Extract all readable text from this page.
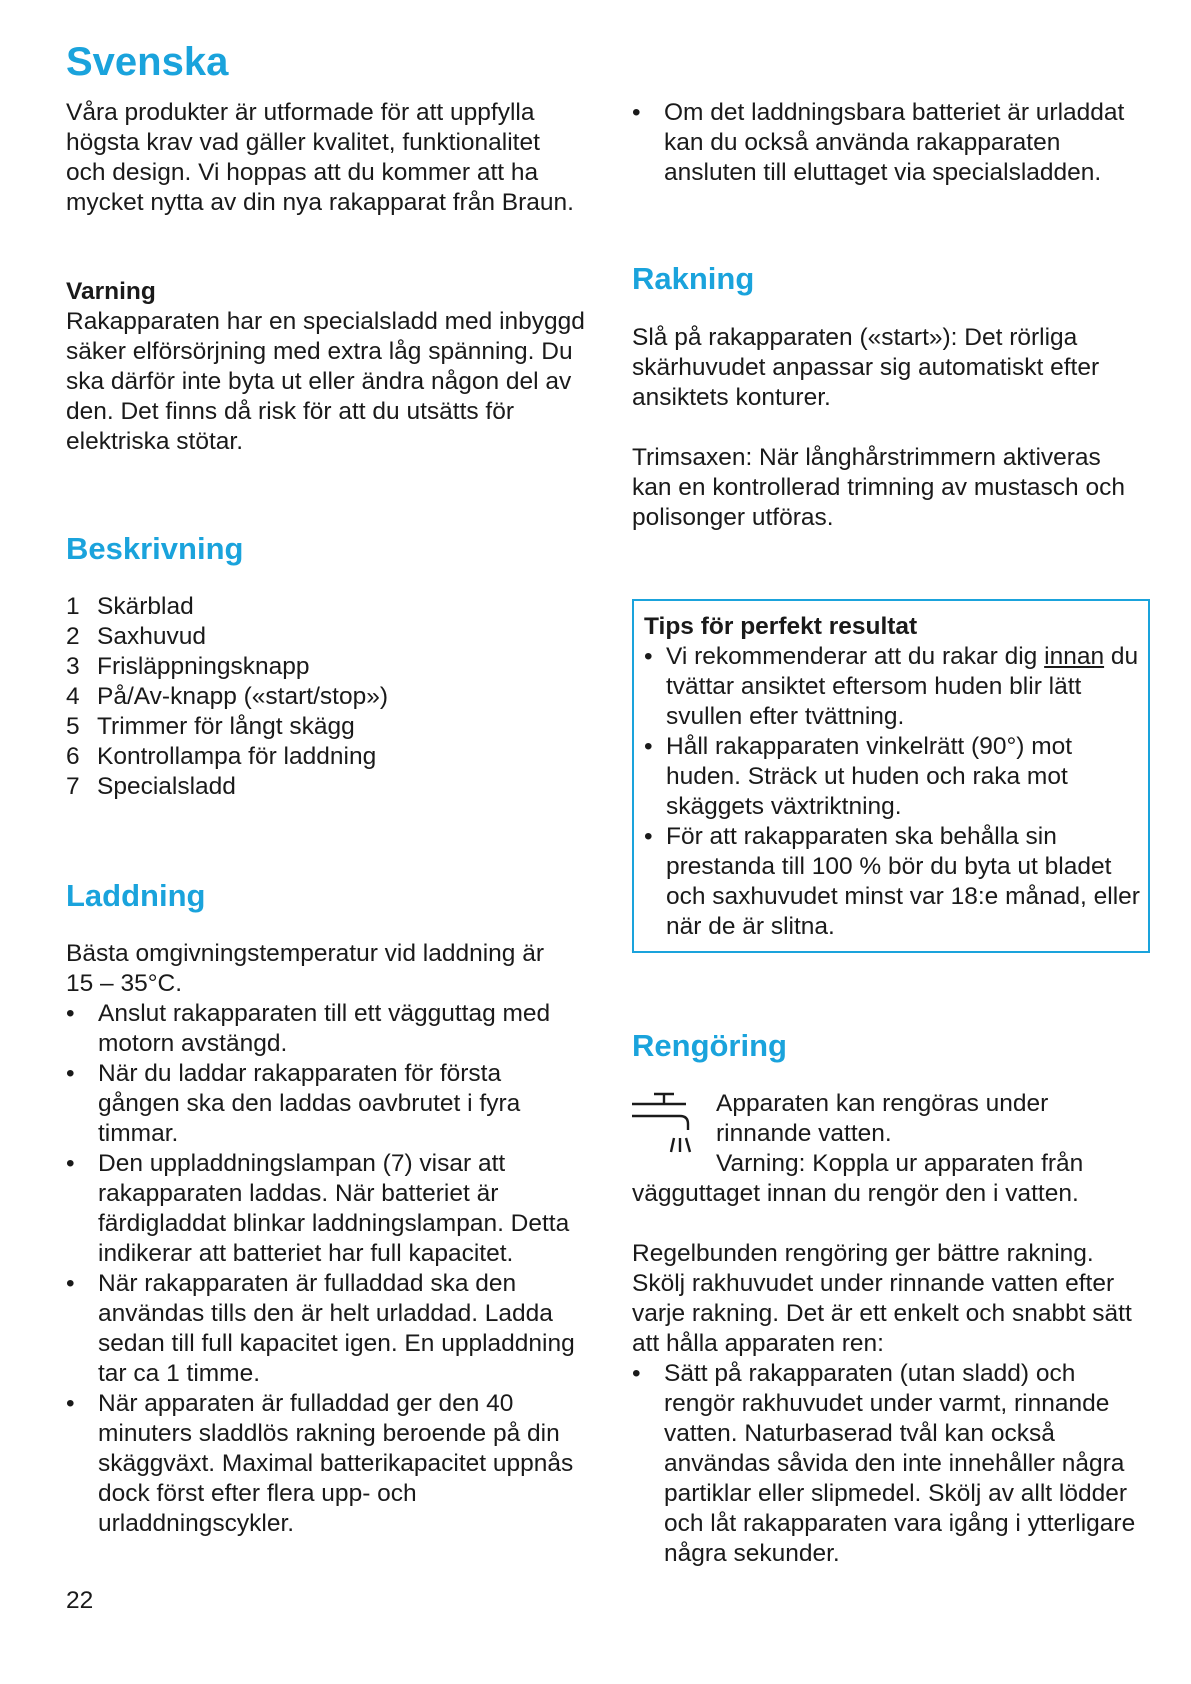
Svenska

Våra produkter är utformade för att uppfylla högsta krav vad gäller kvalitet, funktionalitet och design. Vi hoppas att du kommer att ha mycket nytta av din nya rakapparat från Braun.

Varning
Rakapparaten har en specialsladd med inbyggd säker elförsörjning med extra låg spänning. Du ska därför inte byta ut eller ändra någon del av den. Det finns då risk för att du utsätts för elektriska stötar.
Beskrivning
1 Skärblad
2 Saxhuvud
3 Frisläppningsknapp
4 På/Av-knapp («start/stop»)
5 Trimmer för långt skägg
6 Kontrollampa för laddning
7 Specialsladd
Laddning

Bästa omgivningstemperatur vid laddning är 15 – 35°C.

• Anslut rakapparaten till ett vägguttag med motorn avstängd.
• När du laddar rakapparaten för första gången ska den laddas oavbrutet i fyra timmar.
• Den uppladdningslampan (7) visar att rakapparaten laddas. När batteriet är färdigladdat blinkar laddningslampan. Detta indikerar att batteriet har full kapacitet.
• När rakapparaten är fulladdad ska den användas tills den är helt urladdad. Ladda sedan till full kapacitet igen. En uppladdning tar ca 1 timme.
• När apparaten är fulladdad ger den 40 minuters sladdlös rakning beroende på din skäggväxt. Maximal batterikapacitet uppnås dock först efter flera upp- och urladdningscykler.
22
• Om det laddningsbara batteriet är urladdat kan du också använda rakapparaten ansluten till eluttaget via specialsladden.
Rakning

Slå på rakapparaten («start»): Det rörliga skärhuvudet anpassar sig automatiskt efter ansiktets konturer.

Trimsaxen: När långhårstrimmern aktiveras kan en kontrollerad trimning av mustasch och polisonger utföras.

Tips för perfekt resultat
• Vi rekommenderar att du rakar dig innan du tvättar ansiktet eftersom huden blir lätt svullen efter tvättning.
• Håll rakapparaten vinkelrätt (90°) mot huden. Sträck ut huden och raka mot skäggets växtriktning.
• För att rakapparaten ska behålla sin prestanda till 100 % bör du byta ut bladet och saxhuvudet minst var 18:e månad, eller när de är slitna.
Rengöring
Apparaten kan rengöras under
rinnande vatten.
Varning: Koppla ur apparaten från

vägguttaget innan du rengör den i vatten.

Regelbunden rengöring ger bättre rakning. Skölj rakhuvudet under rinnande vatten efter varje rakning. Det är ett enkelt och snabbt sätt att hålla apparaten ren:

• Sätt på rakapparaten (utan sladd) och rengör rakhuvudet under varmt, rinnande vatten. Naturbaserad tvål kan också användas såvida den inte innehåller några partiklar eller slipmedel. Skölj av allt lödder och låt rakapparaten vara igång i ytterligare några sekunder.
